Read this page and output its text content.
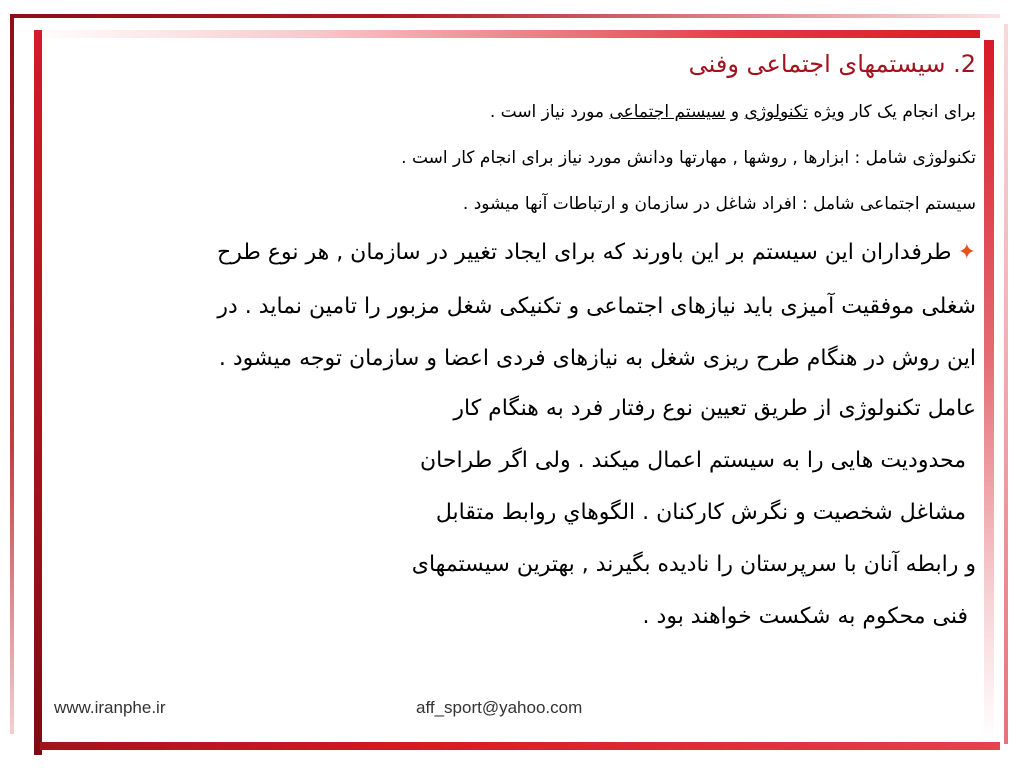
2. سیستمهای اجتماعی وفنی
برای انجام یک کار ویژه تکنولوژی و سیستم اجتماعی مورد نیاز است .
تکنولوژی شامل : ابزارها , روشها , مهارتها ودانش مورد نیاز برای انجام کار است .
سیستم اجتماعی شامل : افراد شاغل در سازمان و ارتباطات آنها میشود .
✦طرفداران این سیستم بر این باورند که برای ایجاد تغییر در سازمان , هر نوع طرح
شغلی موفقیت آمیزی باید نیازهای اجتماعی و تکنیکی شغل مزبور را تامین نماید . در
این روش در هنگام طرح ریزی شغل به نیازهای فردی اعضا و سازمان توجه میشود .
عامل تکنولوژی از طریق تعیین نوع رفتار فرد به هنگام کار
محدودیت هایی را به سیستم اعمال میکند . ولی اگر طراحان
مشاغل شخصیت و نگرش کارکنان . الگوهاي روابط متقابل
و رابطه آنان با سرپرستان را نادیده بگیرند , بهترین سیستمهای
فنی محکوم به شکست خواهند بود .
www.iranphe.ir	aff_sport@yahoo.com
